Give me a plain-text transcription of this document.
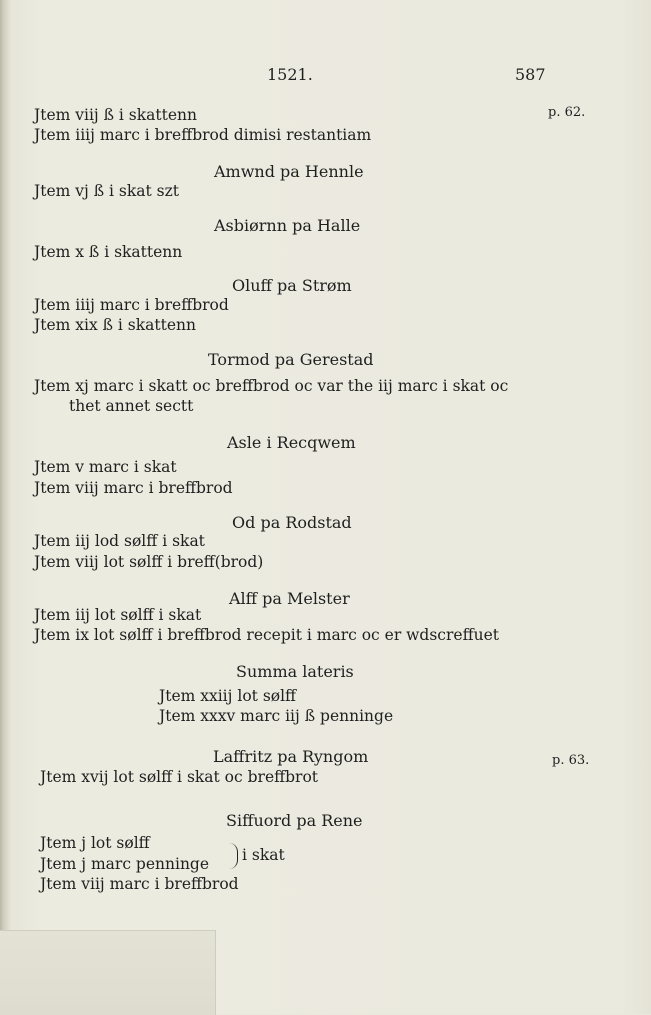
1521.	587
p. 62.
p. 63.
Jtem viij ß i skattenn
Jtem iiij marc i breffbrod dimisi restantiam
Amwnd pa Hennle
Jtem vj ß i skat szt
Asbiørnn pa Halle
Jtem x ß i skattenn
Oluff pa Strøm
Jtem iiij marc i breffbrod
Jtem xix ß i skattenn
Tormod pa Gerestad
Jtem xj marc i skatt oc breffbrod oc var the iij marc i skat oc
thet annet sectt
Asle i Recqwem
Jtem v marc i skat
Jtem viij marc i breffbrod
Od pa Rodstad
Jtem iij lod sølff i skat
Jtem viij lot sølff i breff(brod)
Alff pa Melster
Jtem iij lot sølff i skat
Jtem ix lot sølff i breffbrod recepit i marc oc er wdscreffuet
Summa lateris
Jtem xxiij lot sølff
Jtem xxxv marc iij ß penninge
Laffritz pa Ryngom
Jtem xvij lot sølff i skat oc breffbrot
Siffuord pa Rene
Jtem j lot sølff
Jtem j marc penninge i skat
Jtem viij marc i breffbrod
